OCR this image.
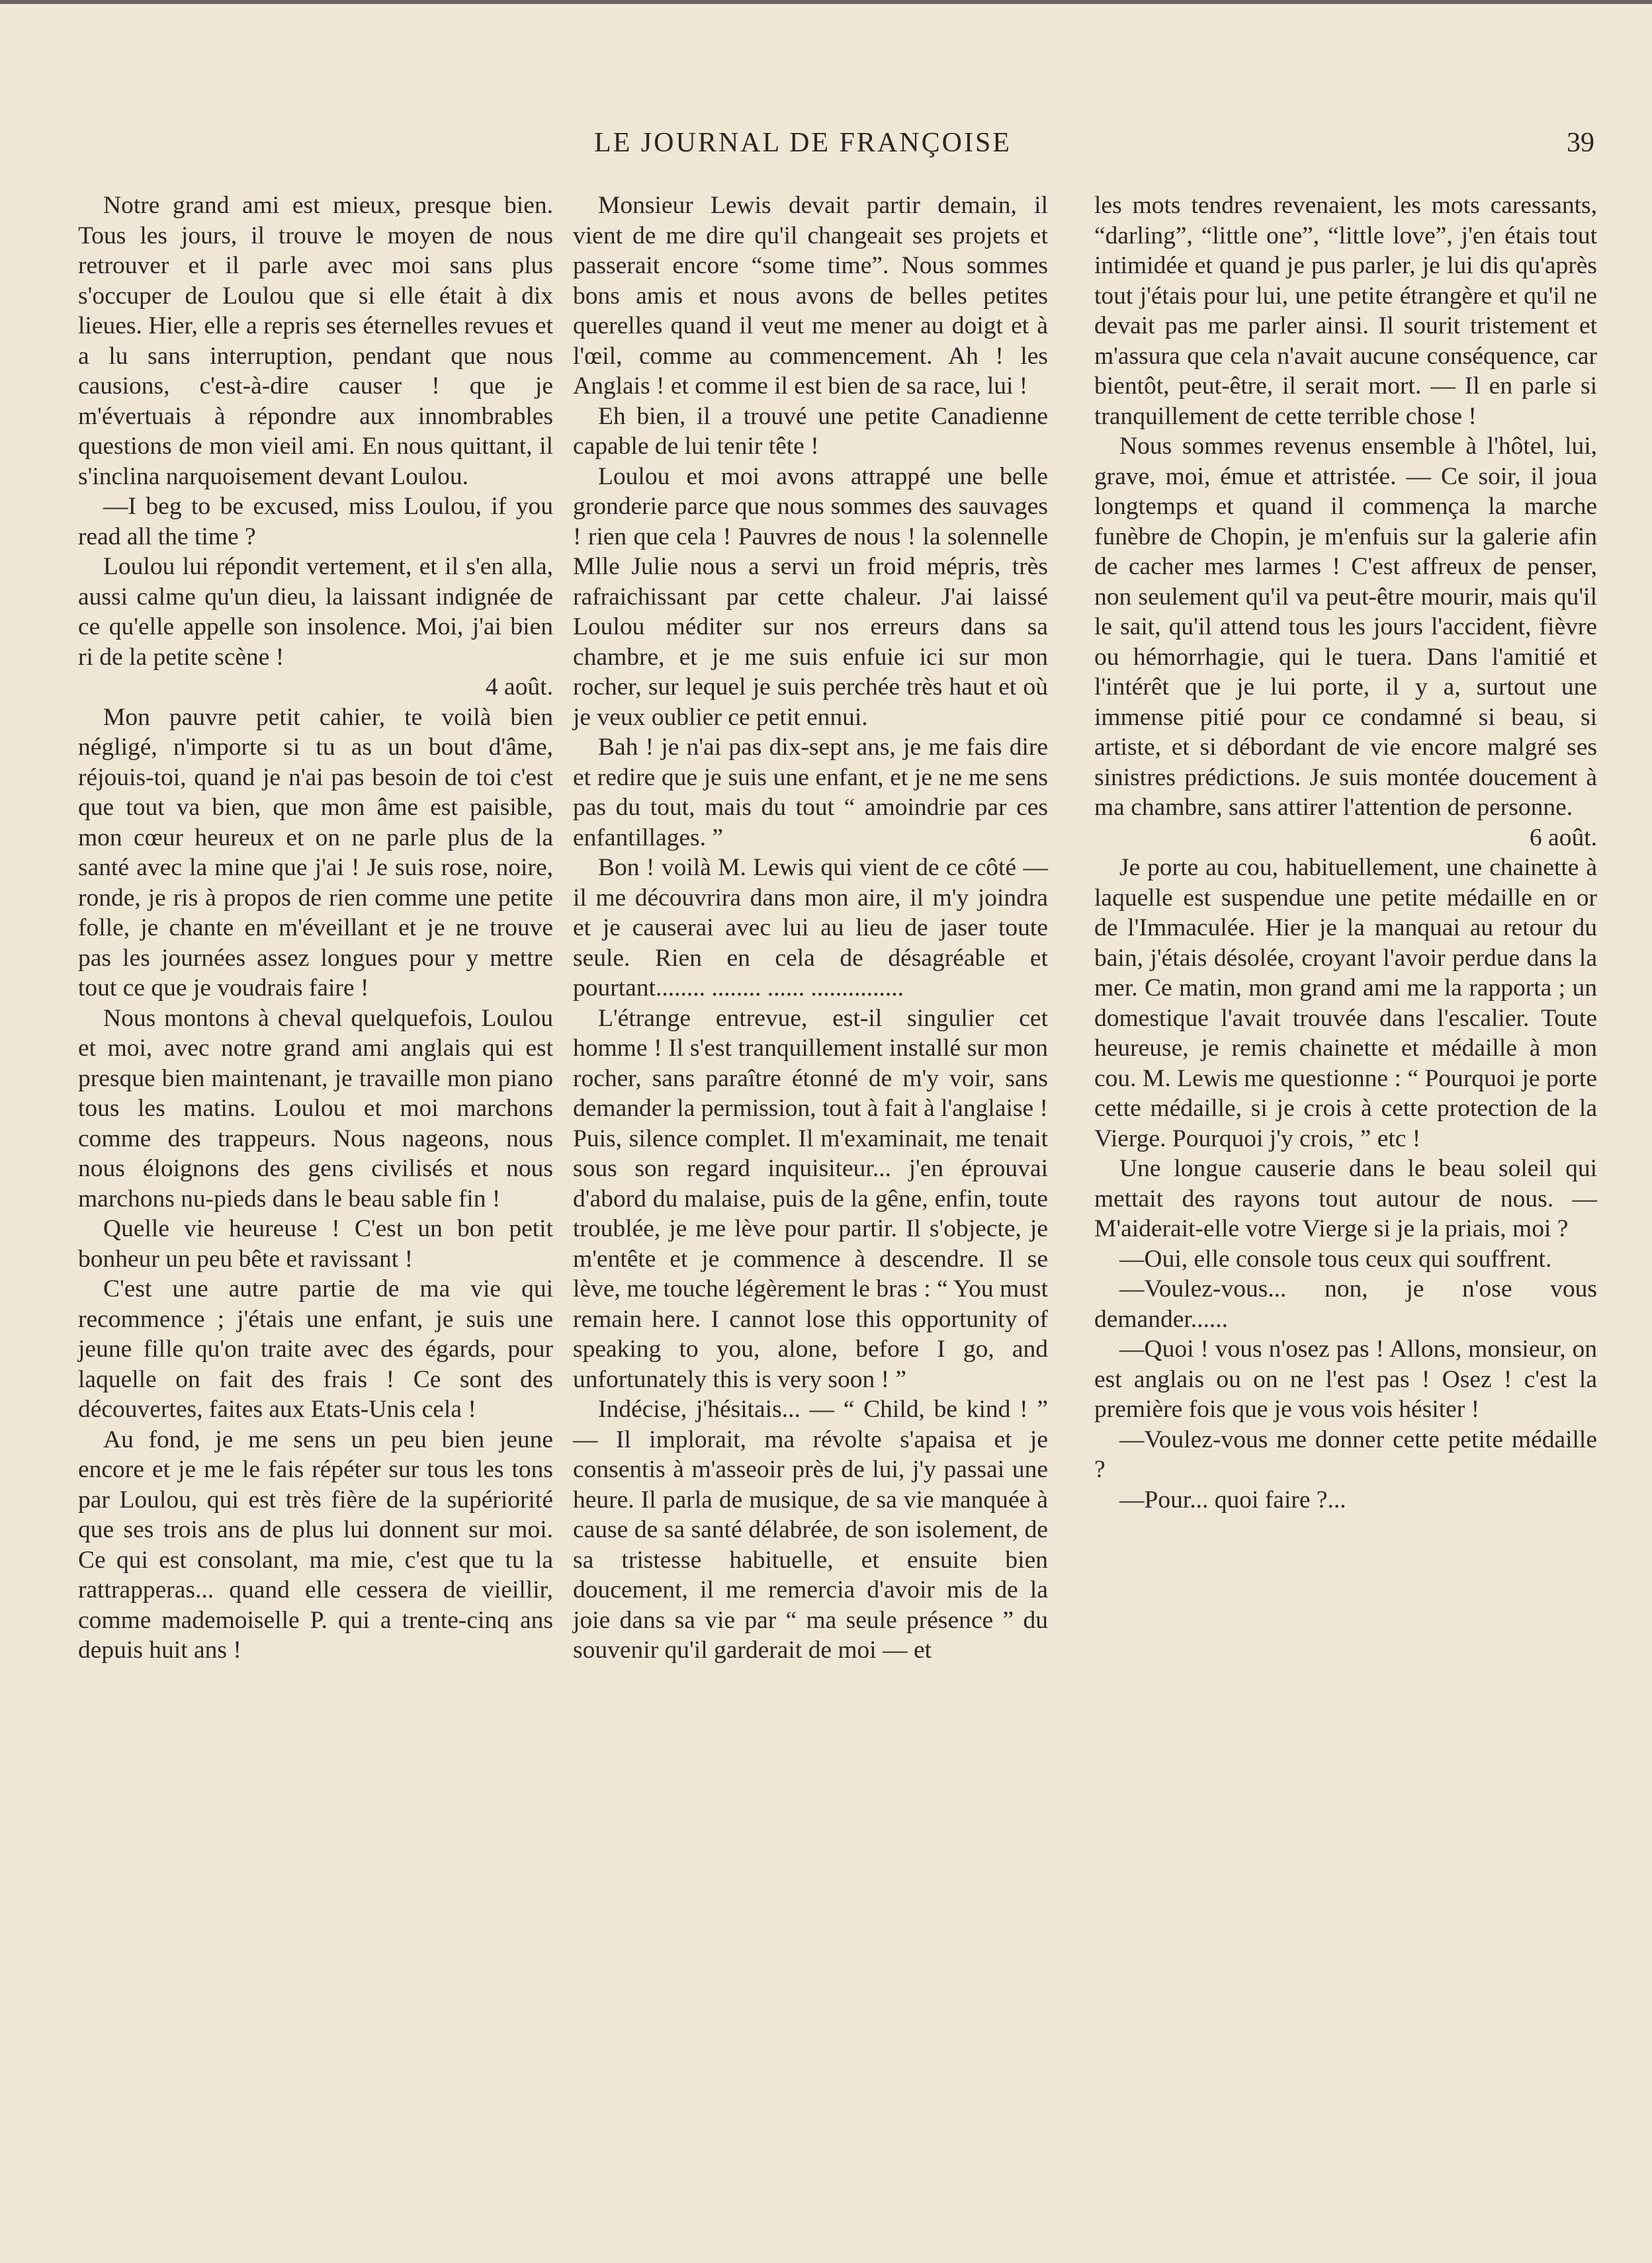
LE JOURNAL DE FRANÇOISE	39

Notre grand ami est mieux, presque bien. Tous les jours, il trouve le moyen de nous retrouver et il parle avec moi sans plus s'occuper de Loulou que si elle était à dix lieues. Hier, elle a repris ses éternelles revues et a lu sans interruption, pendant que nous causions, c'est-à-dire causer ! que je m'évertuais à répondre aux innombrables questions de mon vieil ami. En nous quittant, il s'inclina narquoisement devant Loulou.

—I beg to be excused, miss Loulou, if you read all the time ?

Loulou lui répondit vertement, et il s'en alla, aussi calme qu'un dieu, la laissant indignée de ce qu'elle appelle son insolence. Moi, j'ai bien ri de la petite scène !

4 août.

Mon pauvre petit cahier, te voilà bien négligé, n'importe si tu as un bout d'âme, réjouis-toi, quand je n'ai pas besoin de toi c'est que tout va bien, que mon âme est paisible, mon cœur heureux et on ne parle plus de la santé avec la mine que j'ai ! Je suis rose, noire, ronde, je ris à propos de rien comme une petite folle, je chante en m'éveillant et je ne trouve pas les journées assez longues pour y mettre tout ce que je voudrais faire !

Nous montons à cheval quelquefois, Loulou et moi, avec notre grand ami anglais qui est presque bien maintenant, je travaille mon piano tous les matins. Loulou et moi marchons comme des trappeurs. Nous nageons, nous nous éloignons des gens civilisés et nous marchons nu-pieds dans le beau sable fin !

Quelle vie heureuse ! C'est un bon petit bonheur un peu bête et ravissant !

C'est une autre partie de ma vie qui recommence ; j'étais une enfant, je suis une jeune fille qu'on traite avec des égards, pour laquelle on fait des frais ! Ce sont des découvertes, faites aux Etats-Unis cela !

Au fond, je me sens un peu bien jeune encore et je me le fais répéter sur tous les tons par Loulou, qui est très fière de la supériorité que ses trois ans de plus lui donnent sur moi. Ce qui est consolant, ma mie, c'est que tu la rattrapperas... quand elle cessera de vieillir, comme mademoiselle P. qui a trente-cinq ans depuis huit ans !

Monsieur Lewis devait partir demain, il vient de me dire qu'il changeait ses projets et passerait encore “some time”. Nous sommes bons amis et nous avons de belles petites querelles quand il veut me mener au doigt et à l'œil, comme au commencement. Ah ! les Anglais ! et comme il est bien de sa race, lui !

Eh bien, il a trouvé une petite Canadienne capable de lui tenir tête !

Loulou et moi avons attrappé une belle gronderie parce que nous sommes des sauvages ! rien que cela ! Pauvres de nous ! la solennelle Mlle Julie nous a servi un froid mépris, très rafraichissant par cette chaleur. J'ai laissé Loulou méditer sur nos erreurs dans sa chambre, et je me suis enfuie ici sur mon rocher, sur lequel je suis perchée très haut et où je veux oublier ce petit ennui.

Bah ! je n'ai pas dix-sept ans, je me fais dire et redire que je suis une enfant, et je ne me sens pas du tout, mais du tout “ amoindrie par ces enfantillages. ”

Bon ! voilà M. Lewis qui vient de ce côté — il me découvrira dans mon aire, il m'y joindra et je causerai avec lui au lieu de jaser toute seule. Rien en cela de désagréable et pourtant........ ........ ...... ...............

L'étrange entrevue, est-il singulier cet homme ! Il s'est tranquillement installé sur mon rocher, sans paraître étonné de m'y voir, sans demander la permission, tout à fait à l'anglaise ! Puis, silence complet. Il m'examinait, me tenait sous son regard inquisiteur... j'en éprouvai d'abord du malaise, puis de la gêne, enfin, toute troublée, je me lève pour partir. Il s'objecte, je m'entête et je commence à descendre. Il se lève, me touche légèrement le bras : “ You must remain here. I cannot lose this opportunity of speaking to you, alone, before I go, and unfortunately this is very soon ! ”

Indécise, j'hésitais... — “ Child, be kind ! ” — Il implorait, ma révolte s'apaisa et je consentis à m'asseoir près de lui, j'y passai une heure. Il parla de musique, de sa vie manquée à cause de sa santé délabrée, de son isolement, de sa tristesse habituelle, et ensuite bien doucement, il me remercia d'avoir mis de la joie dans sa vie par “ ma seule présence ” du souvenir qu'il garderait de moi — et

les mots tendres revenaient, les mots caressants, “darling”, “little one”, “little love”, j'en étais tout intimidée et quand je pus parler, je lui dis qu'après tout j'étais pour lui, une petite étrangère et qu'il ne devait pas me parler ainsi. Il sourit tristement et m'assura que cela n'avait aucune conséquence, car bientôt, peut-être, il serait mort. — Il en parle si tranquillement de cette terrible chose !

Nous sommes revenus ensemble à l'hôtel, lui, grave, moi, émue et attristée. — Ce soir, il joua longtemps et quand il commença la marche funèbre de Chopin, je m'enfuis sur la galerie afin de cacher mes larmes ! C'est affreux de penser, non seulement qu'il va peut-être mourir, mais qu'il le sait, qu'il attend tous les jours l'accident, fièvre ou hémorrhagie, qui le tuera. Dans l'amitié et l'intérêt que je lui porte, il y a, surtout une immense pitié pour ce condamné si beau, si artiste, et si débordant de vie encore malgré ses sinistres prédictions. Je suis montée doucement à ma chambre, sans attirer l'attention de personne.

6 août.

Je porte au cou, habituellement, une chainette à laquelle est suspendue une petite médaille en or de l'Immaculée. Hier je la manquai au retour du bain, j'étais désolée, croyant l'avoir perdue dans la mer. Ce matin, mon grand ami me la rapporta ; un domestique l'avait trouvée dans l'escalier. Toute heureuse, je remis chainette et médaille à mon cou. M. Lewis me questionne : “ Pourquoi je porte cette médaille, si je crois à cette protection de la Vierge. Pourquoi j'y crois, ” etc !

Une longue causerie dans le beau soleil qui mettait des rayons tout autour de nous. — M'aiderait-elle votre Vierge si je la priais, moi ?

—Oui, elle console tous ceux qui souffrent.

—Voulez-vous... non, je n'ose vous demander......

—Quoi ! vous n'osez pas ! Allons, monsieur, on est anglais ou on ne l'est pas ! Osez ! c'est la première fois que je vous vois hésiter !

—Voulez-vous me donner cette petite médaille ?

—Pour... quoi faire ?...
